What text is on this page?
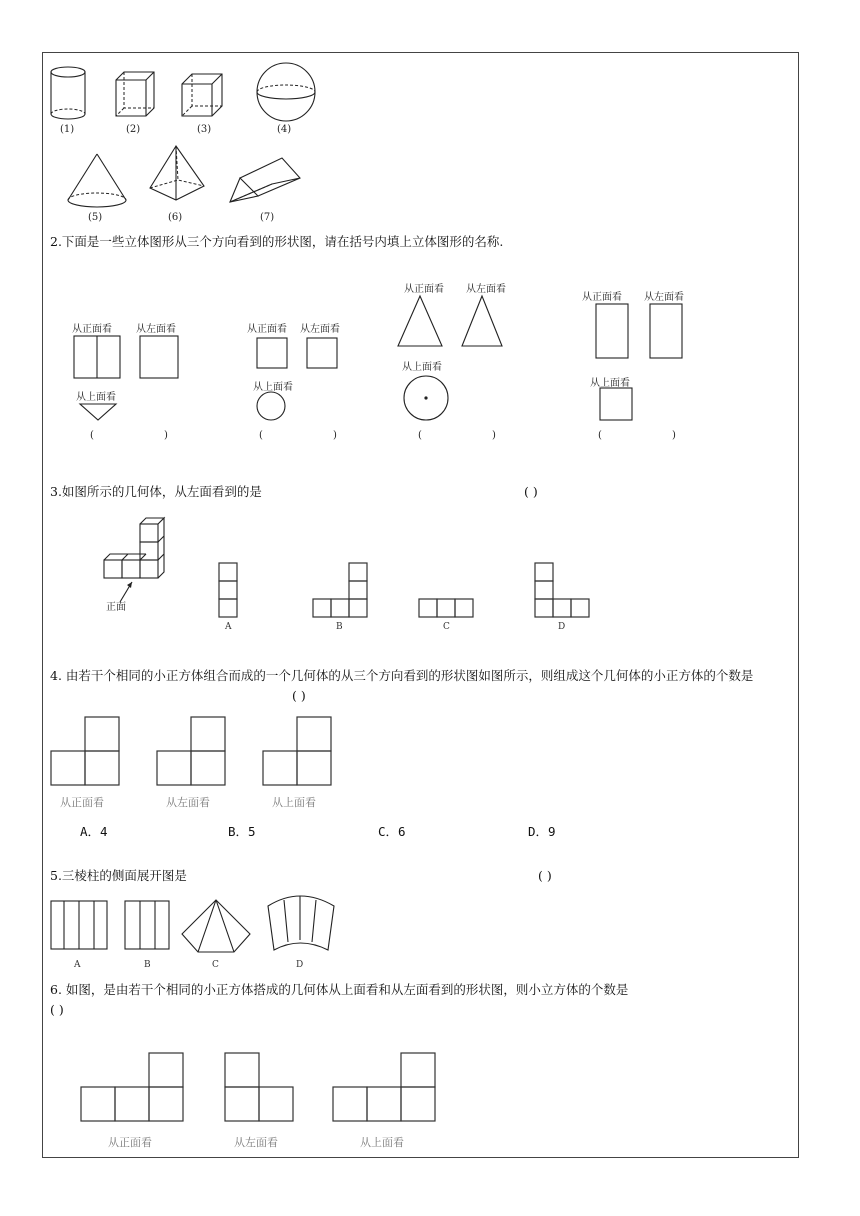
(1)	(2)	(3)	(4)
(5)	(6)	(7)
2.下面是一些立体图形从三个方向看到的形状图，请在括号内填上立体图形的名称.
从正面看 从左面看
从上面看
(	)
从正面看 从左面看
从上面看
(	)
从正面看 从左面看
从上面看
(	)
从正面看 从左面看
从上面看
(	)
3.如图所示的几何体，从左面看到的是	( )
正面
A	B	C	D
4. 由若干个相同的小正方体组合而成的一个几何体的从三个方向看到的形状图如图所示，则组成这个几何体的小正方体的个数是
( )
从正面看	从左面看	从上面看
A．4	B．5	C．6	D．9
5.三棱柱的侧面展开图是	( )
A	B	C	D
6. 如图，是由若干个相同的小正方体搭成的几何体从上面看和从左面看到的形状图，则小立方体的个数是
( )
从正面看	从左面看	从上面看
